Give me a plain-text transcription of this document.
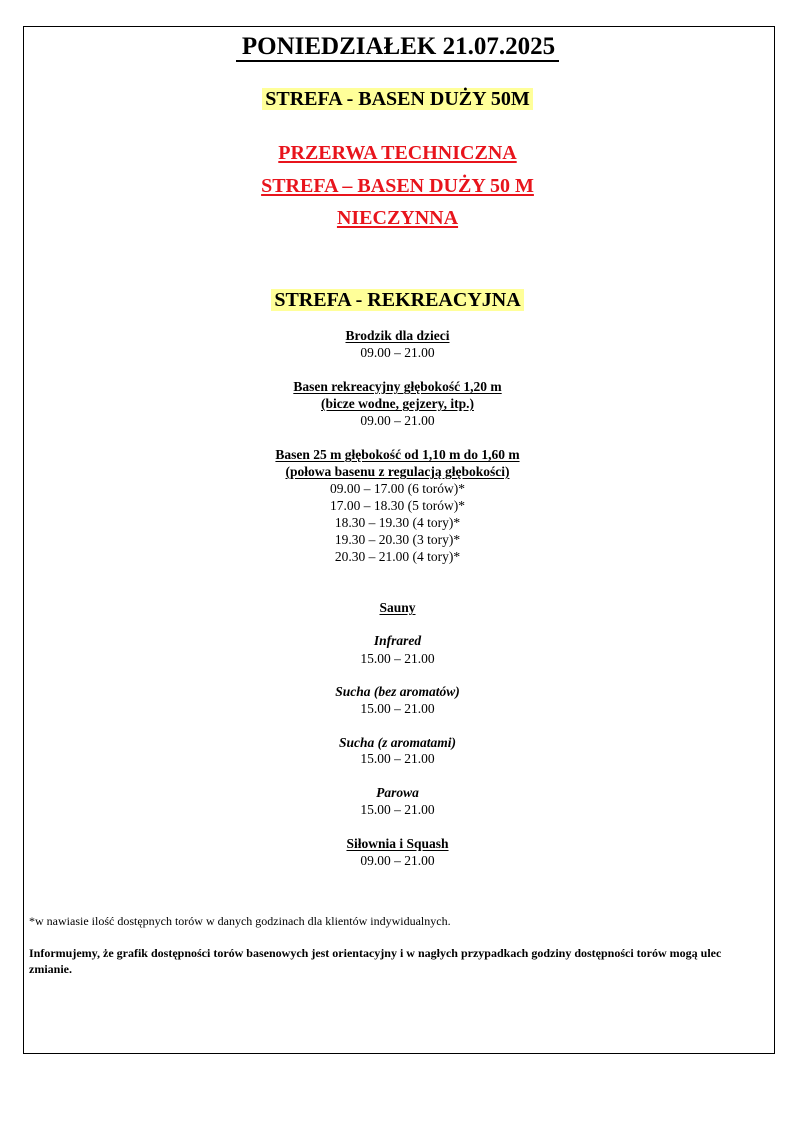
PONIEDZIAŁEK 21.07.2025
STREFA - BASEN DUŻY 50M
PRZERWA TECHNICZNA
STREFA – BASEN DUŻY 50 M
NIECZYNNA
STREFA - REKREACYJNA
Brodzik dla dzieci
09.00 – 21.00
Basen rekreacyjny głębokość 1,20 m
(bicze wodne, gejzery, itp.)
09.00 – 21.00
Basen 25 m głębokość od 1,10 m do 1,60 m
(połowa basenu z regulacją głębokości)
09.00 – 17.00 (6 torów)*
17.00 – 18.30 (5 torów)*
18.30 – 19.30 (4 tory)*
19.30 – 20.30 (3 tory)*
20.30 – 21.00 (4 tory)*
Sauny
Infrared
15.00 – 21.00
Sucha (bez aromatów)
15.00 – 21.00
Sucha (z aromatami)
15.00 – 21.00
Parowa
15.00 – 21.00
Siłownia i Squash
09.00 – 21.00
*w nawiasie ilość dostępnych torów w danych godzinach dla klientów indywidualnych.
Informujemy, że grafik dostępności torów basenowych jest orientacyjny i w nagłych przypadkach godziny dostępności torów mogą ulec zmianie.
